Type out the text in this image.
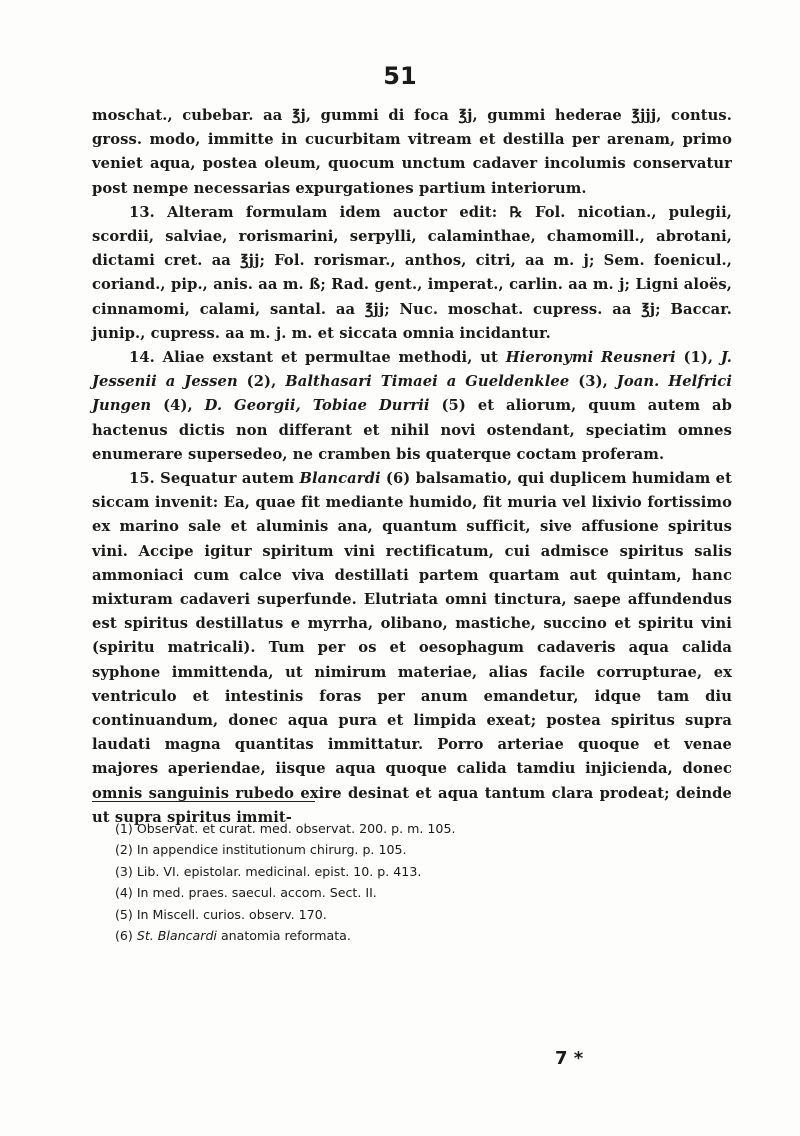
51

moschat., cubebar. aa ℥j, gummi di foca ℥j, gummi hederae ℥jjj, contus. gross. modo, immitte in cucurbitam vitream et destilla per arenam, primo veniet aqua, postea oleum, quocum unctum cadaver incolumis conservatur post nempe necessarias expurgationes partium interiorum.

13. Alteram formulam idem auctor edit: ℞ Fol. nicotian., pulegii, scordii, salviae, rorismarini, serpylli, calaminthae, chamomill., abrotani, dictami cret. aa ℥jj; Fol. rorismar., anthos, citri, aa m. j; Sem. foenicul., coriand., pip., anis. aa m. ß; Rad. gent., imperat., carlin. aa m. j; Ligni aloës, cinnamomi, calami, santal. aa ℥jj; Nuc. moschat. cupress. aa ℥j; Baccar. junip., cupress. aa m. j. m. et siccata omnia incidantur.

14. Aliae exstant et permultae methodi, ut Hieronymi Reusneri (1), J. Jessenii a Jessen (2), Balthasari Timaei a Gueldenklee (3), Joan. Helfrici Jungen (4), D. Georgii, Tobiae Durrii (5) et aliorum, quum autem ab hactenus dictis non differant et nihil novi ostendant, speciatim omnes enumerare supersedeo, ne cramben bis quaterque coctam proferam.

15. Sequatur autem Blancardi (6) balsamatio, qui duplicem humidam et siccam invenit: Ea, quae fit mediante humido, fit muria vel lixivio fortissimo ex marino sale et aluminis ana, quantum sufficit, sive affusione spiritus vini. Accipe igitur spiritum vini rectificatum, cui admisce spiritus salis ammoniaci cum calce viva destillati partem quartam aut quintam, hanc mixturam cadaveri superfunde. Elutriata omni tinctura, saepe affundendus est spiritus destillatus e myrrha, olibano, mastiche, succino et spiritu vini (spiritu matricali). Tum per os et oesophagum cadaveris aqua calida syphone immittenda, ut nimirum materiae, alias facile corrupturae, ex ventriculo et intestinis foras per anum emandetur, idque tam diu continuandum, donec aqua pura et limpida exeat; postea spiritus supra laudati magna quantitas immittatur. Porro arteriae quoque et venae majores aperiendae, iisque aqua quoque calida tamdiu injicienda, donec omnis sanguinis rubedo exire desinat et aqua tantum clara prodeat; deinde ut supra spiritus immit-

(1) Observat. et curat. med. observat. 200. p. m. 105.
(2) In appendice institutionum chirurg. p. 105.
(3) Lib. VI. epistolar. medicinal. epist. 10. p. 413.
(4) In med. praes. saecul. accom. Sect. II.
(5) In Miscell. curios. observ. 170.
(6) St. Blancardi anatomia reformata.
7 *
